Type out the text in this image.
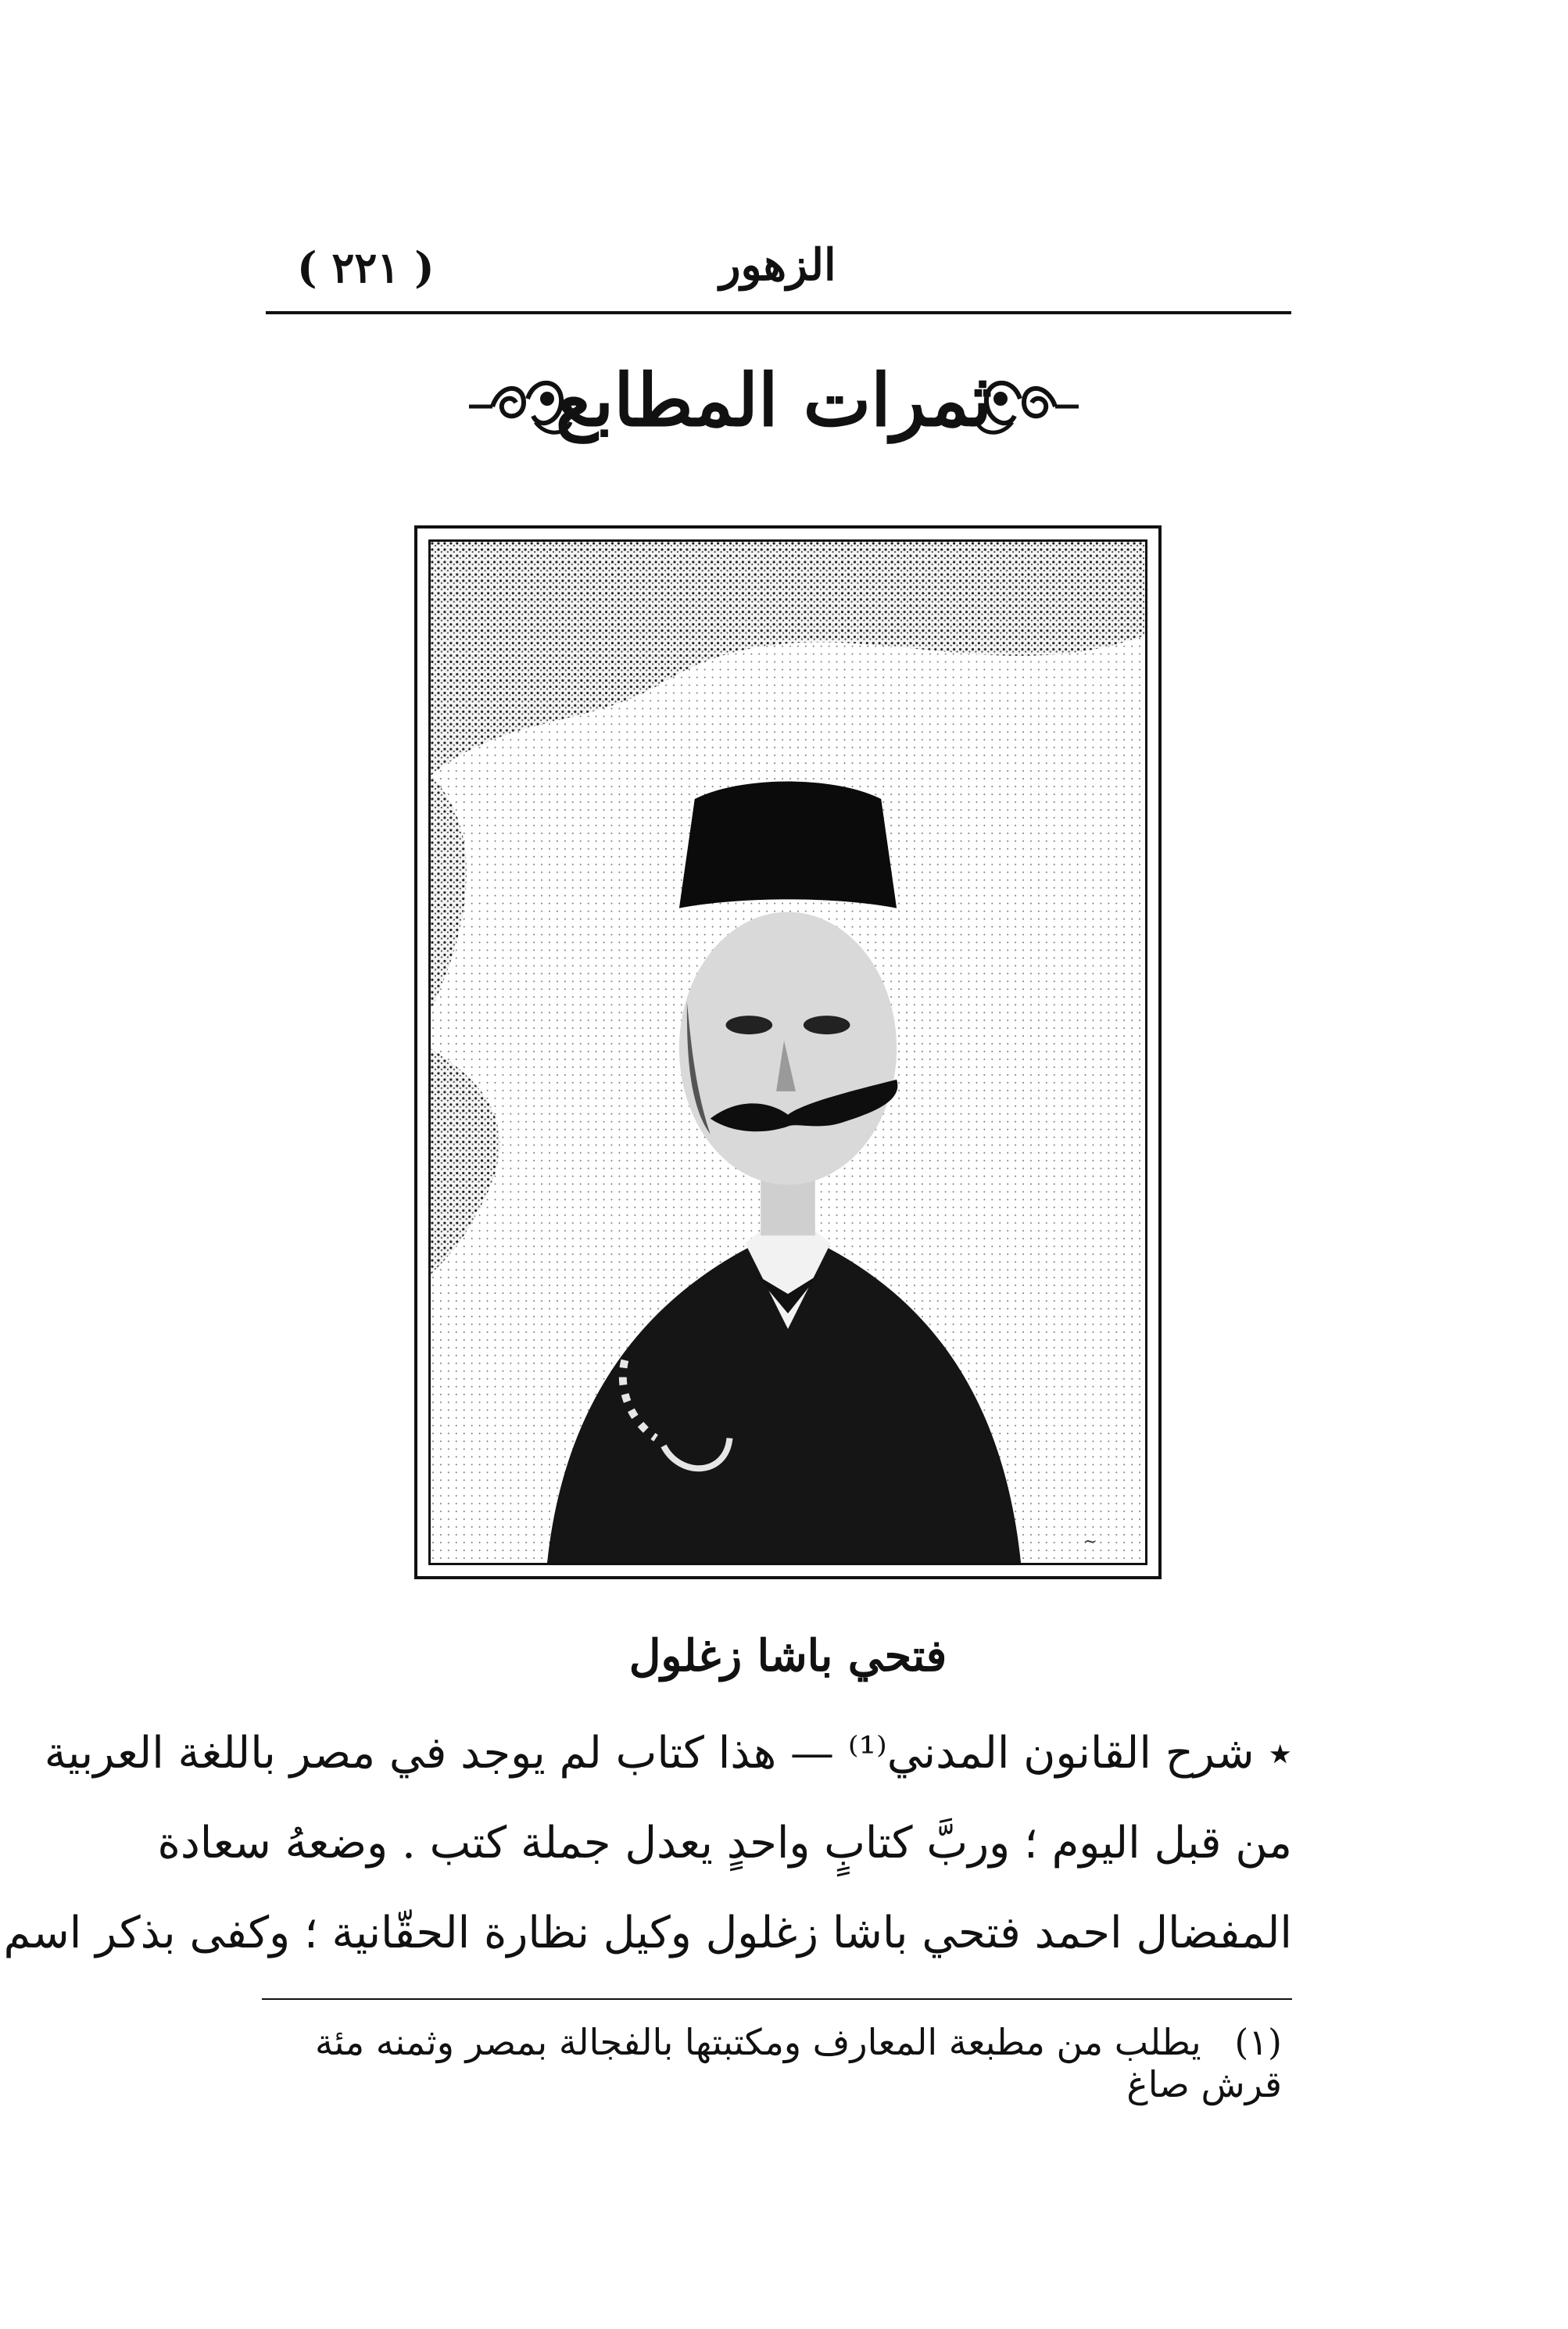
( ٢٢١ )	الزهور
ثمرات المطابع
~
فتحي باشا زغلول

٭ شرح القانون المدني⁽¹⁾ — هذا كتاب لم يوجد في مصر باللغة العربية
من قبل اليوم ؛ وربَّ كتابٍ واحدٍ يعدل جملة كتب . وضعهُ سعادة
المفضال احمد فتحي باشا زغلول وكيل نظارة الحقّانية ؛ وكفى بذكر اسم

(١) يطلب من مطبعة المعارف ومكتبتها بالفجالة بمصر وثمنه مئة قرش صاغ
